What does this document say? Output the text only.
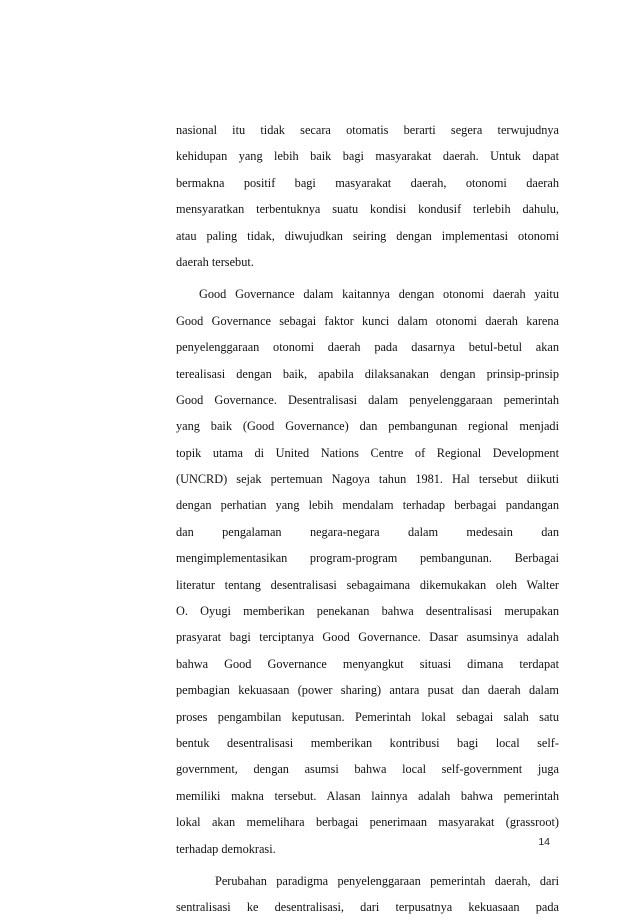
nasional itu tidak secara otomatis berarti segera terwujudnya
kehidupan yang lebih baik bagi masyarakat daerah. Untuk dapat
bermakna positif bagi masyarakat daerah, otonomi daerah
mensyaratkan terbentuknya suatu kondisi kondusif terlebih dahulu,
atau paling tidak, diwujudkan seiring dengan implementasi otonomi
daerah tersebut.
Good Governance dalam kaitannya dengan otonomi daerah yaitu
Good Governance sebagai faktor kunci dalam otonomi daerah karena
penyelenggaraan otonomi daerah pada dasarnya betul-betul akan
terealisasi dengan baik, apabila dilaksanakan dengan prinsip-prinsip
Good Governance. Desentralisasi dalam penyelenggaraan pemerintah
yang baik (Good Governance) dan pembangunan regional menjadi
topik utama di United Nations Centre of Regional Development
(UNCRD) sejak pertemuan Nagoya tahun 1981. Hal tersebut diikuti
dengan perhatian yang lebih mendalam terhadap berbagai pandangan
dan pengalaman negara-negara dalam medesain dan
mengimplementasikan program-program pembangunan. Berbagai
literatur tentang desentralisasi sebagaimana dikemukakan oleh Walter
O. Oyugi memberikan penekanan bahwa desentralisasi merupakan
prasyarat bagi terciptanya Good Governance. Dasar asumsinya adalah
bahwa Good Governance menyangkut situasi dimana terdapat
pembagian kekuasaan (power sharing) antara pusat dan daerah dalam
proses pengambilan keputusan. Pemerintah lokal sebagai salah satu
bentuk desentralisasi memberikan kontribusi bagi local self-
government, dengan asumsi bahwa local self-government juga
memiliki makna tersebut. Alasan lainnya adalah bahwa pemerintah
lokal akan memelihara berbagai penerimaan masyarakat (grassroot)
terhadap demokrasi.
Perubahan paradigma penyelenggaraan pemerintah daerah, dari
sentralisasi ke desentralisasi, dari terpusatnya kekuasaan pada
14
